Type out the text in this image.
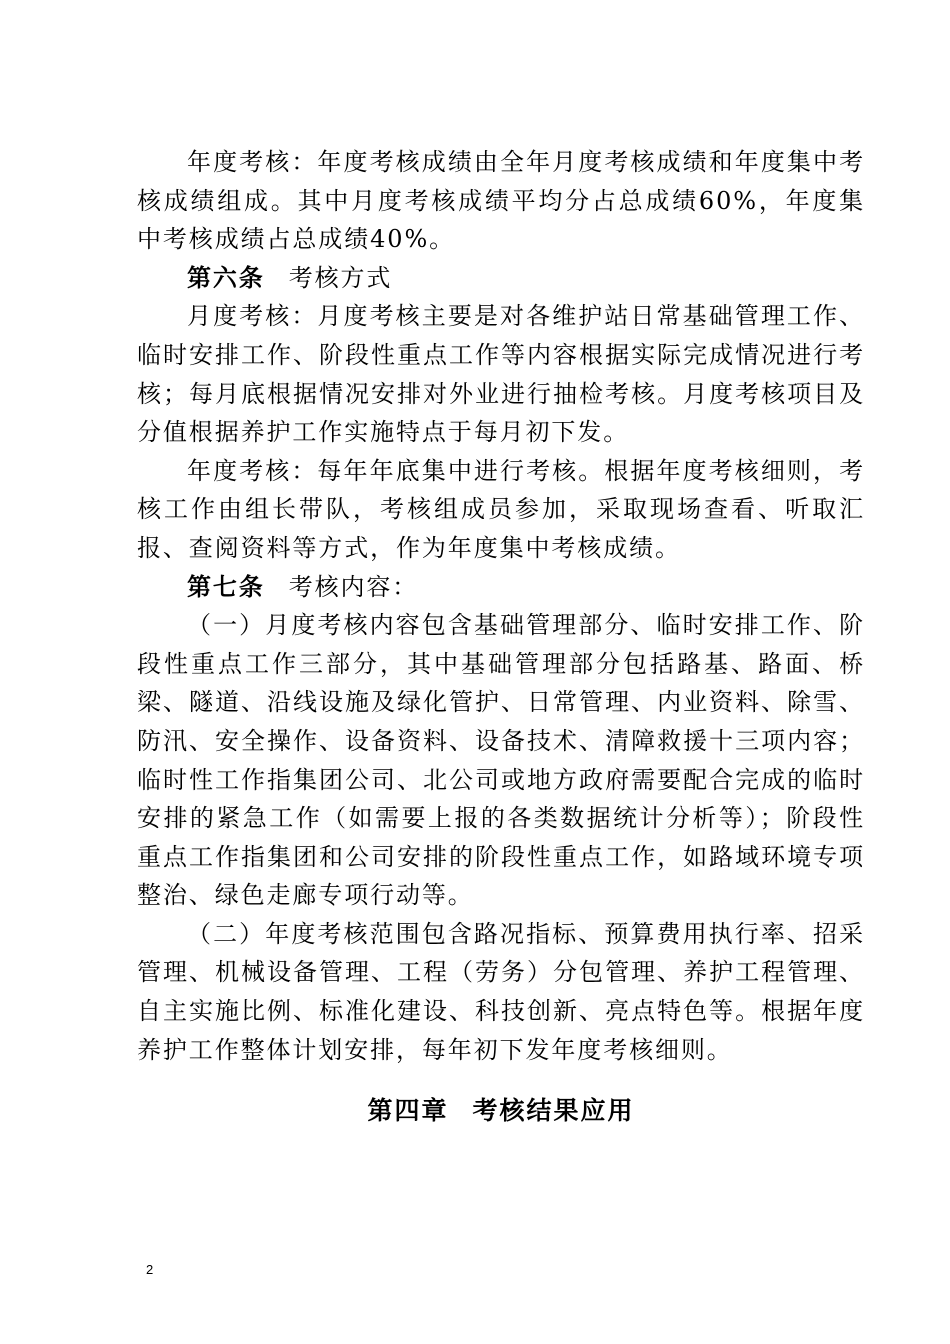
年度考核：年度考核成绩由全年月度考核成绩和年度集中考核成绩组成。其中月度考核成绩平均分占总成绩60%，年度集中考核成绩占总成绩40%。

第六条 考核方式

月度考核：月度考核主要是对各维护站日常基础管理工作、临时安排工作、阶段性重点工作等内容根据实际完成情况进行考核；每月底根据情况安排对外业进行抽检考核。月度考核项目及分值根据养护工作实施特点于每月初下发。

年度考核：每年年底集中进行考核。根据年度考核细则，考核工作由组长带队，考核组成员参加，采取现场查看、听取汇报、查阅资料等方式，作为年度集中考核成绩。

第七条 考核内容：

（一）月度考核内容包含基础管理部分、临时安排工作、阶段性重点工作三部分，其中基础管理部分包括路基、路面、桥梁、隧道、沿线设施及绿化管护、日常管理、内业资料、除雪、防汛、安全操作、设备资料、设备技术、清障救援十三项内容；临时性工作指集团公司、北公司或地方政府需要配合完成的临时安排的紧急工作（如需要上报的各类数据统计分析等）；阶段性重点工作指集团和公司安排的阶段性重点工作，如路域环境专项整治、绿色走廊专项行动等。

（二）年度考核范围包含路况指标、预算费用执行率、招采管理、机械设备管理、工程（劳务）分包管理、养护工程管理、自主实施比例、标准化建设、科技创新、亮点特色等。根据年度养护工作整体计划安排，每年初下发年度考核细则。

第四章 考核结果应用
2
